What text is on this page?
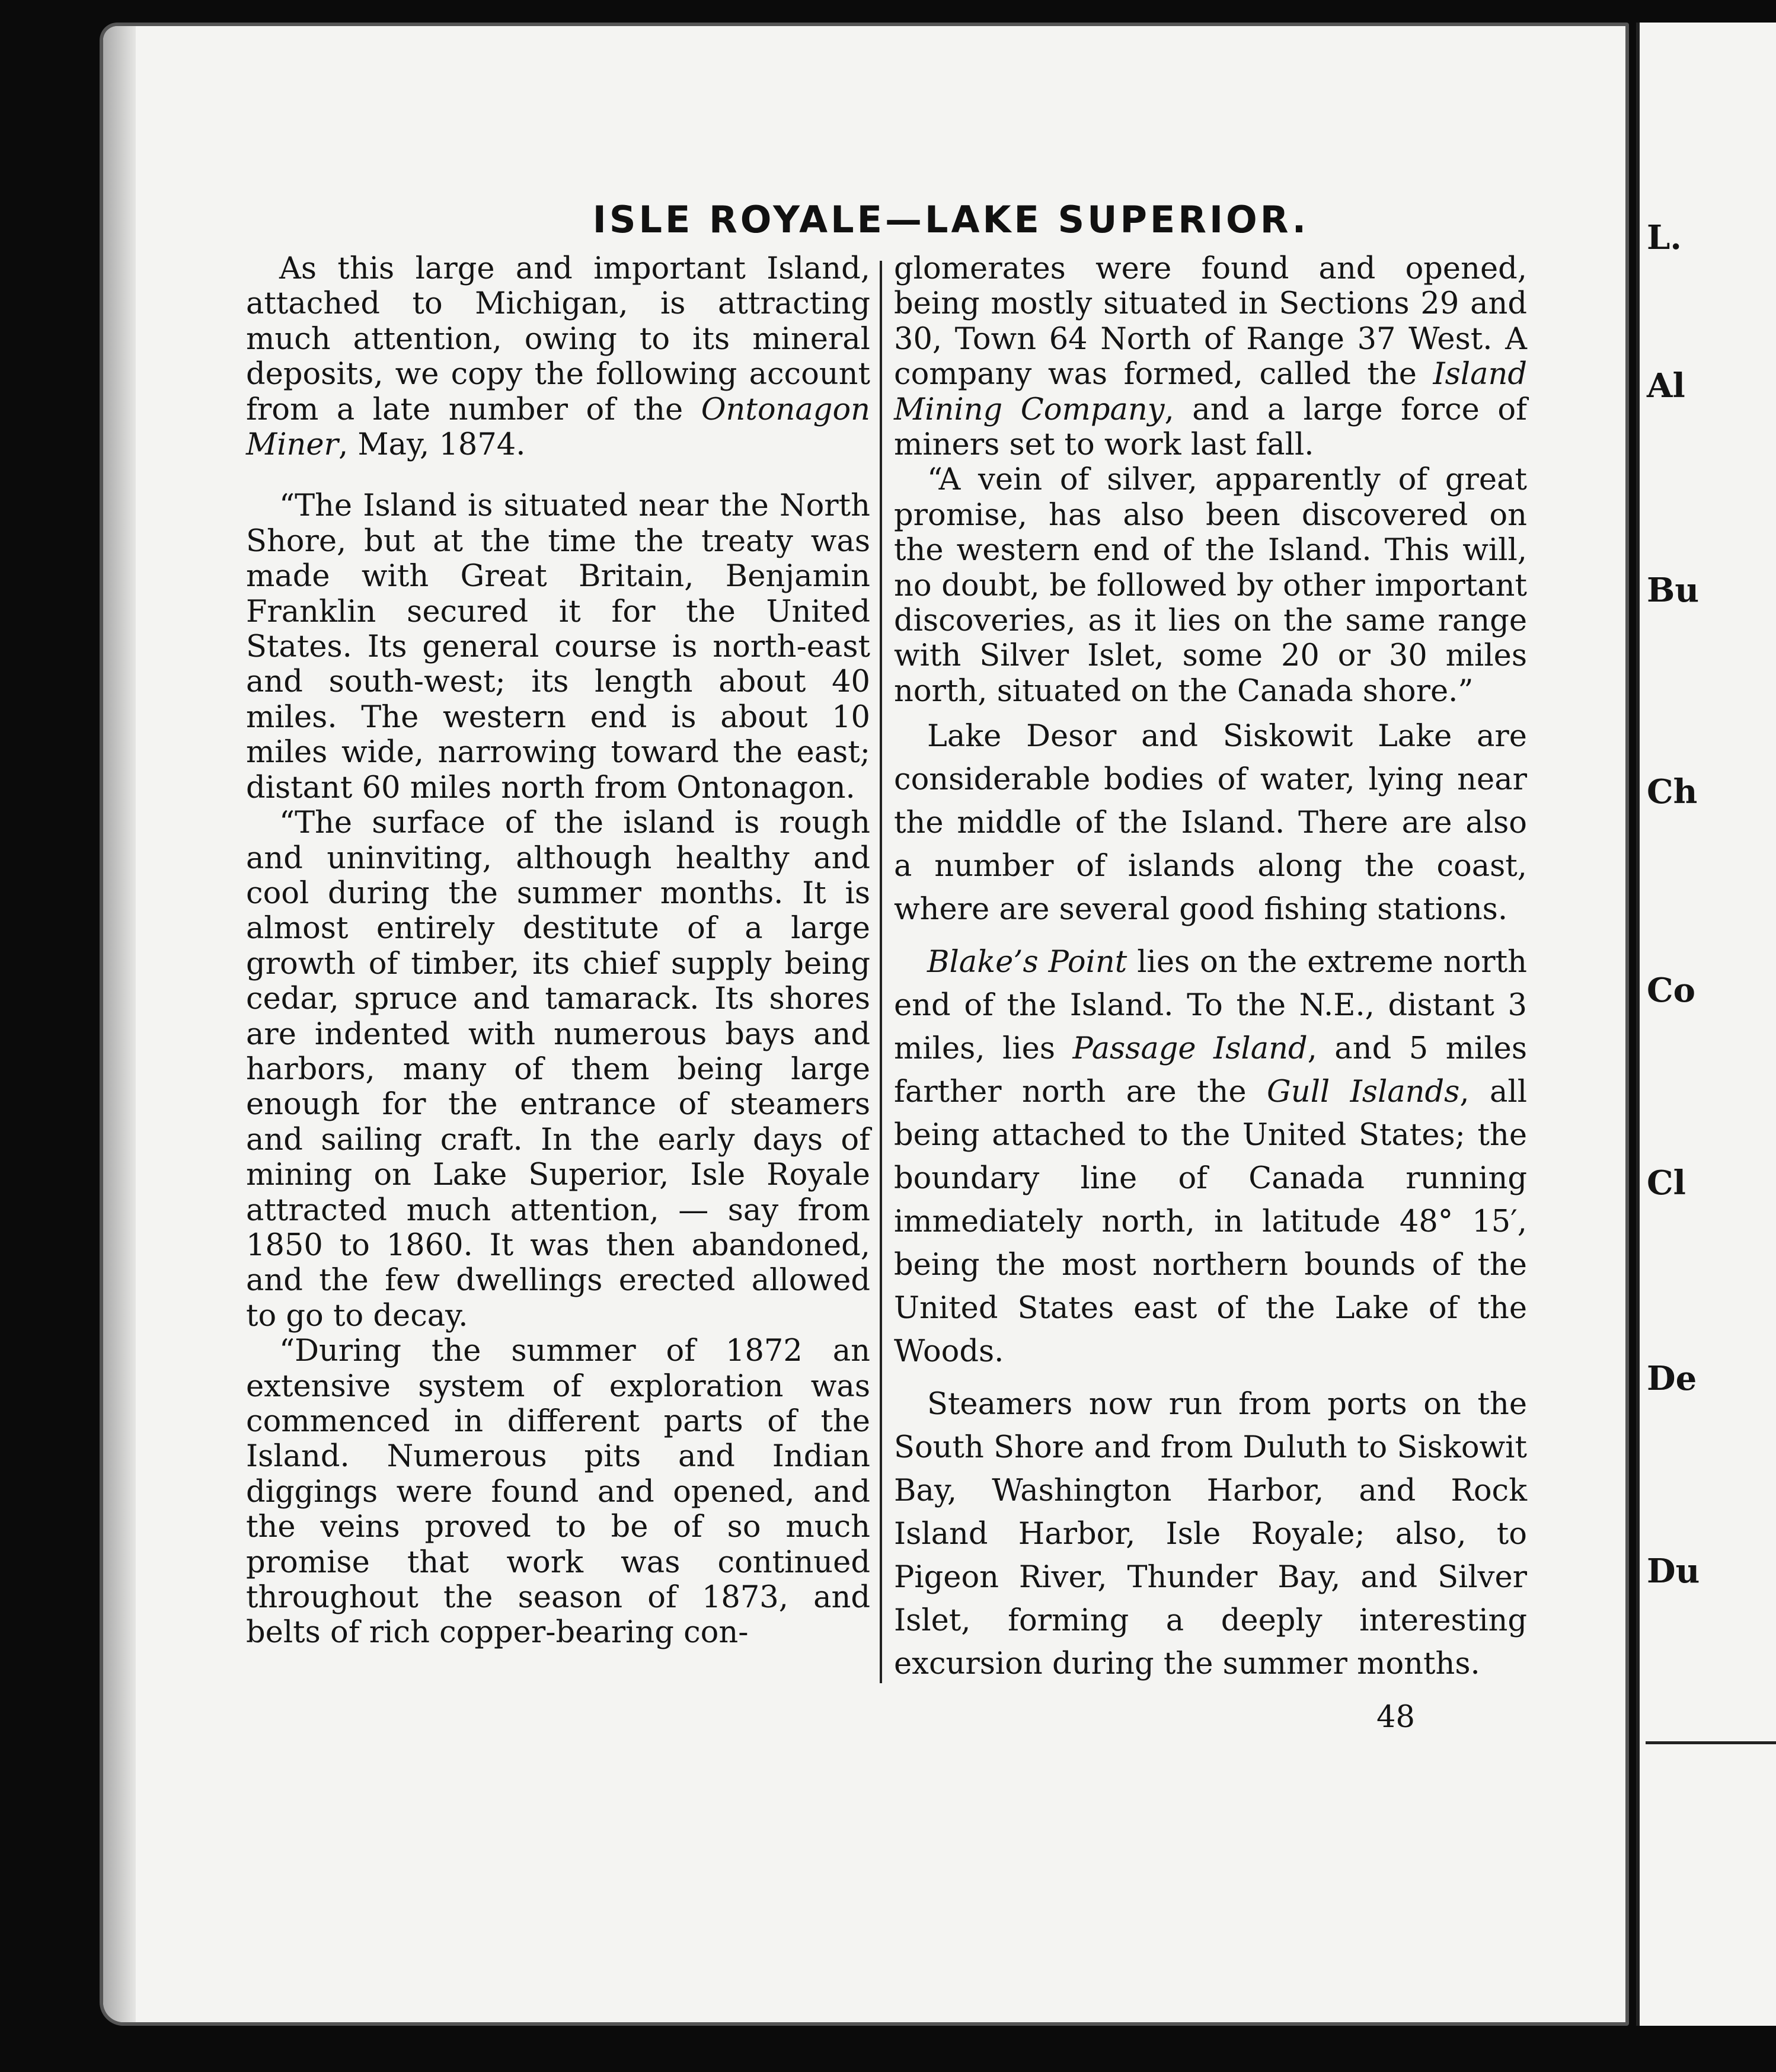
ISLE ROYALE—LAKE SUPERIOR.

As this large and important Island, attached to Michigan, is attracting much attention, owing to its mineral deposits, we copy the following account from a late number of the Ontonagon Miner, May, 1874.

“The Island is situated near the North Shore, but at the time the treaty was made with Great Britain, Benjamin Franklin secured it for the United States. Its general course is north-east and south-west; its length about 40 miles. The western end is about 10 miles wide, narrowing toward the east; distant 60 miles north from Ontonagon.

“The surface of the island is rough and uninviting, although healthy and cool during the summer months. It is almost entirely destitute of a large growth of timber, its chief supply being cedar, spruce and tamarack. Its shores are indented with numerous bays and harbors, many of them being large enough for the entrance of steamers and sailing craft. In the early days of mining on Lake Superior, Isle Royale attracted much attention, — say from 1850 to 1860. It was then abandoned, and the few dwellings erected allowed to go to decay.

“During the summer of 1872 an extensive system of exploration was commenced in different parts of the Island. Numerous pits and Indian diggings were found and opened, and the veins proved to be of so much promise that work was continued throughout the season of 1873, and belts of rich copper-bearing con-

glomerates were found and opened, being mostly situated in Sections 29 and 30, Town 64 North of Range 37 West. A company was formed, called the Island Mining Company, and a large force of miners set to work last fall.

“A vein of silver, apparently of great promise, has also been discovered on the western end of the Island. This will, no doubt, be followed by other important discoveries, as it lies on the same range with Silver Islet, some 20 or 30 miles north, situated on the Canada shore.”

Lake Desor and Siskowit Lake are considerable bodies of water, lying near the middle of the Island. There are also a number of islands along the coast, where are several good fishing stations.

Blake’s Point lies on the extreme north end of the Island. To the N.E., distant 3 miles, lies Passage Island, and 5 miles farther north are the Gull Islands, all being attached to the United States; the boundary line of Canada running immediately north, in latitude 48° 15′, being the most northern bounds of the United States east of the Lake of the Woods.

Steamers now run from ports on the South Shore and from Duluth to Siskowit Bay, Washington Harbor, and Rock Island Harbor, Isle Royale; also, to Pigeon River, Thunder Bay, and Silver Islet, forming a deeply interesting excursion during the summer months.

48
L.
Al
Bu
Ch
Co
Cl
De
Du
